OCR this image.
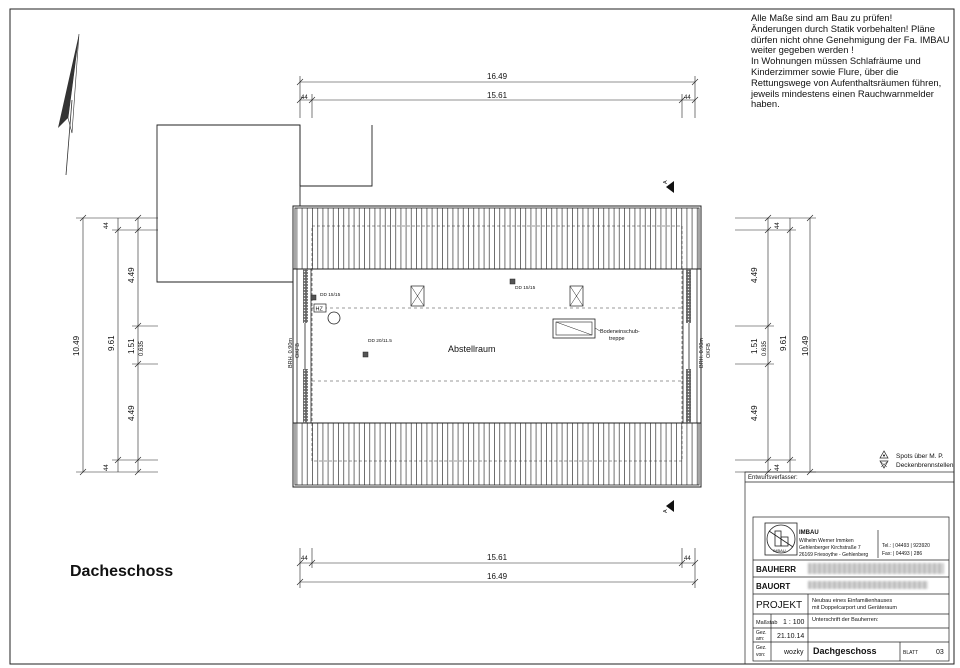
Bodeneinschub-
treppe
DD 15/15
DD 15/15
DD 20/11.5
HZ
Abstellraum
BRH. 0.90m OKFB	BRH. 0.90m OKFB
A
A
16.49
15.61
44	44
15.61
16.49
44	44
10.49	9.61
44
4.49
1.51 0.635
4.49
44
44
4.49
1.51 0.635
4.49
44
9.61 10.49
Spots über M. P.
Deckenbrennstellen
Entwurfsverfasser:
IMBAU
IMBAU
Wilhelm Werner Immken
Gehlenberger Kirchstraße 7
26169 Friesoythe - Gehlenberg
Tel.: | 04493 | 923920
Fax: | 04493 | 286
BAUHERR
BAUORT
PROJEKT Neubau eines Einfamilienhauses
mit Doppelcarport und Geräteraum
Maßstab 1 : 100 Unterschrift der Bauherren:
Gez.
am: 21.10.14
Gez.
von:	wozky Dachgeschoss	BLATT	03
Alle Maße sind am Bau zu prüfen!
Änderungen durch Statik vorbehalten! Pläne dürfen nicht ohne Genehmigung der Fa. IMBAU weiter gegeben werden !
In Wohnungen müssen Schlafräume und Kinderzimmer sowie Flure, über die Rettungswege von Aufenthaltsräumen führen, jeweils mindestens einen Rauchwarnmelder haben.
Dacheschoss
